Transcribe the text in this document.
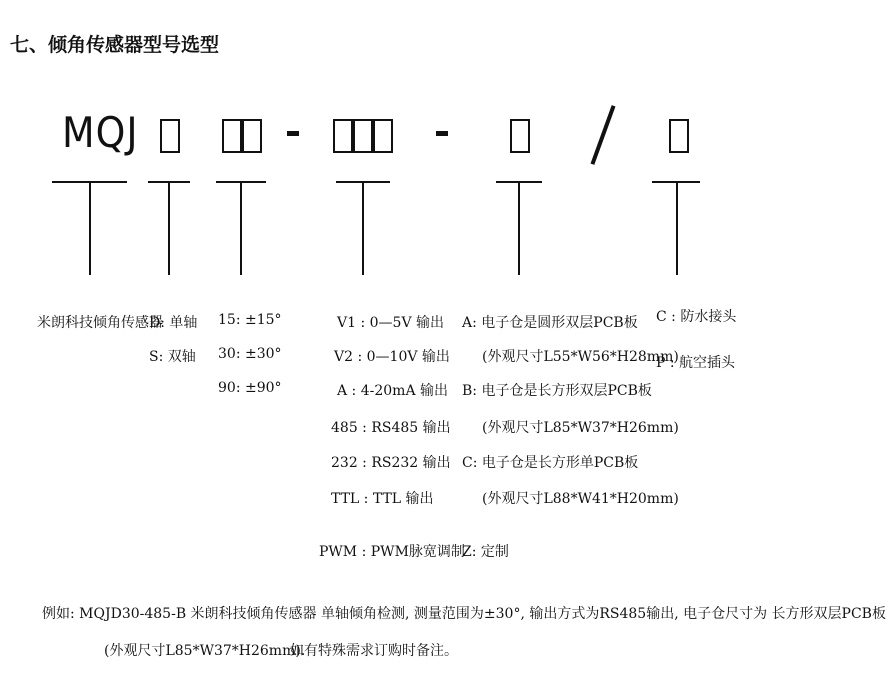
七、倾角传感器型号选型
MQJ
米朗科技倾角传感器
D: 单轴
S: 双轴
15: ±15°
30: ±30°
90: ±90°
V1 : 0—5V 输出
V2 : 0—10V 输出
A : 4-20mA 输出
485 : RS485 输出
232 : RS232 输出
TTL : TTL 输出
PWM : PWM脉宽调制
A: 电子仓是圆形双层PCB板
(外观尺寸L55*W56*H28mm)
B: 电子仓是长方形双层PCB板
(外观尺寸L85*W37*H26mm)
C: 电子仓是长方形单PCB板
(外观尺寸L88*W41*H20mm)
Z: 定制
C : 防水接头
P : 航空插头
例如: MQJD30-485-B 米朗科技倾角传感器 单轴倾角检测, 测量范围为±30°, 输出方式为RS485输出, 电子仓尺寸为 长方形双层PCB板
(外观尺寸L85*W37*H26mm).
如有特殊需求订购时备注。
